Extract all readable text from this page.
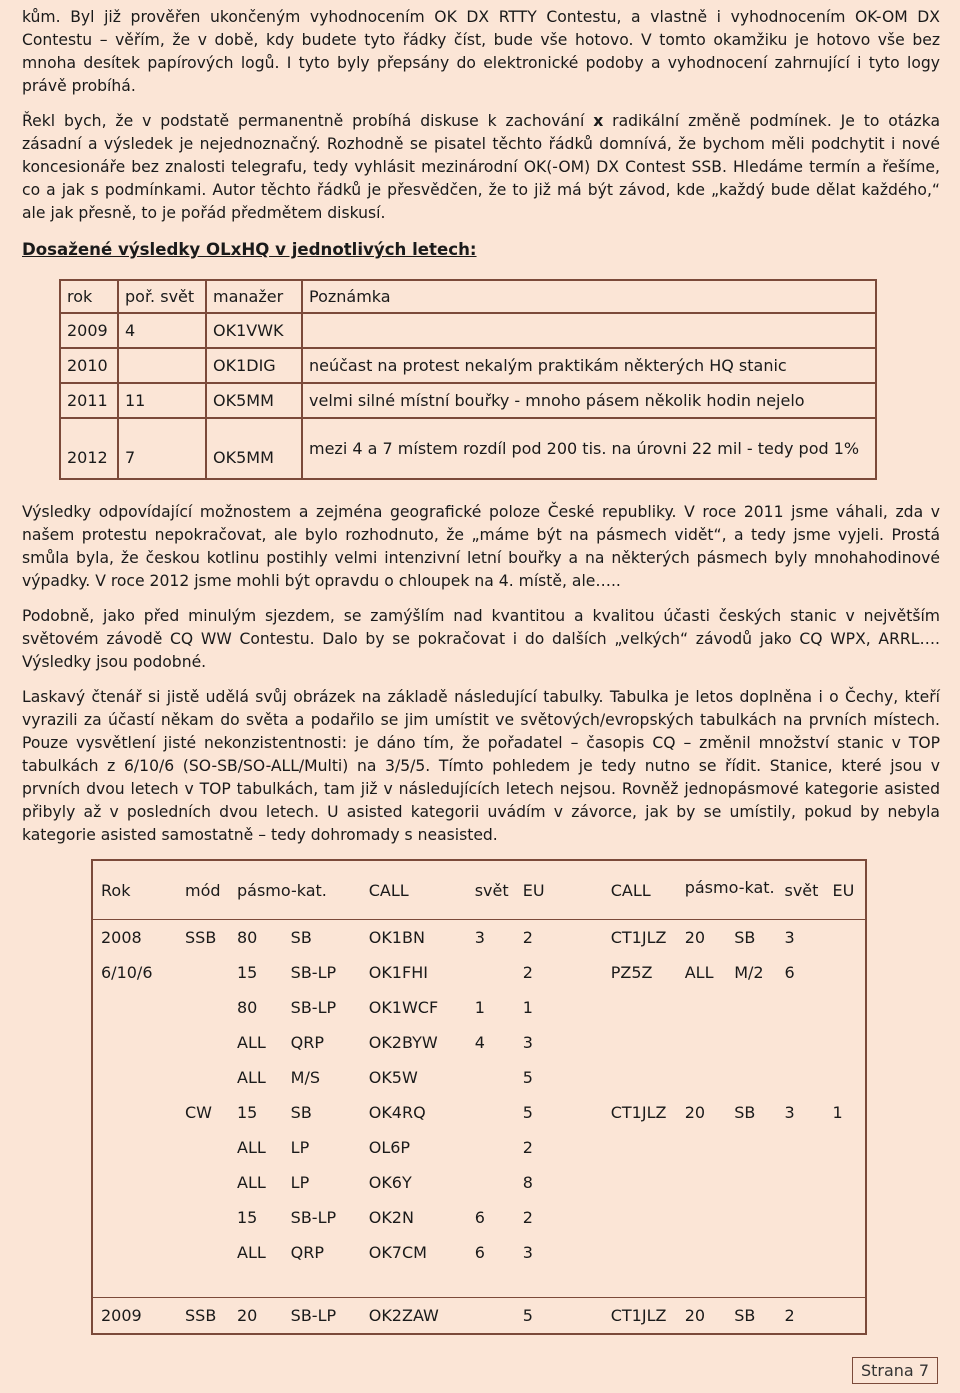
kům. Byl již prověřen ukončeným vyhodnocením OK DX RTTY Contestu, a vlastně i vyhodnocením OK-OM DX Contestu – věřím, že v době, kdy budete tyto řádky číst, bude vše hotovo. V tomto okamžiku je hotovo vše bez mnoha desítek papírových logů. I tyto byly přepsány do elektronické podoby a vyhodnocení zahrnující i tyto logy právě probíhá.

Řekl bych, že v podstatě permanentně probíhá diskuse k zachování x radikální změně podmínek. Je to otázka zásadní a výsledek je nejednoznačný. Rozhodně se pisatel těchto řádků domnívá, že bychom měli podchytit i nové koncesionáře bez znalosti telegrafu, tedy vyhlásit mezinárodní OK(-OM) DX Contest SSB. Hledáme termín a řešíme, co a jak s podmínkami. Autor těchto řádků je přesvědčen, že to již má být závod, kde „každý bude dělat každého,“ ale jak přesně, to je pořád předmětem diskusí.

Dosažené výsledky OLxHQ v jednotlivých letech:
rok	poř. svět	manažer	Poznámka
2009	4	OK1VWK	
2010		OK1DIG	neúčast na protest nekalým praktikám některých HQ stanic
2011	11	OK5MM	velmi silné místní bouřky - mnoho pásem několik hodin nejelo
2012	7	OK5MM	mezi 4 a 7 místem rozdíl pod 200 tis. na úrovni 22 mil - tedy pod 1%

Výsledky odpovídající možnostem a zejména geografické poloze České republiky. V roce 2011 jsme váhali, zda v našem protestu nepokračovat, ale bylo rozhodnuto, že „máme být na pásmech vidět“, a tedy jsme vyjeli. Prostá smůla byla, že českou kotlinu postihly velmi intenzivní letní bouřky a na některých pásmech byly mnohahodinové výpadky. V roce 2012 jsme mohli být opravdu o chloupek na 4. místě, ale…..

Podobně, jako před minulým sjezdem, se zamýšlím nad kvantitou a kvalitou účasti českých stanic v největším světovém závodě CQ WW Contestu. Dalo by se pokračovat i do dalších „velkých“ závodů jako CQ WPX, ARRL…. Výsledky jsou podobné.

Laskavý čtenář si jistě udělá svůj obrázek na základě následující tabulky. Tabulka je letos doplněna i o Čechy, kteří vyrazili za účastí někam do světa a podařilo se jim umístit ve světových/evropských tabulkách na prvních místech. Pouze vysvětlení jisté nekonzistentnosti: je dáno tím, že pořadatel – časopis CQ – změnil množství stanic v TOP tabulkách z 6/10/6 (SO-SB/SO-ALL/Multi) na 3/5/5. Tímto pohledem je tedy nutno se řídit. Stanice, které jsou v prvních dvou letech v TOP tabulkách, tam již v následujících letech nejsou. Rovněž jednopásmové kategorie asisted přibyly až v posledních dvou letech. U asisted kategorii uvádím v závorce, jak by se umístily, pokud by nebyla kategorie asisted samostatně – tedy dohromady s neasisted.

Rok	mód	pásmo-kat.		CALL	svět	EU	CALL	pásmo-kat.		svět	EU
2008	SSB	80	SB	OK1BN	3	2	CT1JLZ	20	SB	3	
6/10/6		15	SB-LP	OK1FHI		2	PZ5Z	ALL	M/2	6	
		80	SB-LP	OK1WCF	1	1					
		ALL	QRP	OK2BYW	4	3					
		ALL	M/S	OK5W		5					
	CW	15	SB	OK4RQ		5	CT1JLZ	20	SB	3	1
		ALL	LP	OL6P		2					
		ALL	LP	OK6Y		8					
		15	SB-LP	OK2N	6	2					
		ALL	QRP	OK7CM	6	3					

2009	SSB	20	SB-LP	OK2ZAW		5	CT1JLZ	20	SB	2	
Strana 7
